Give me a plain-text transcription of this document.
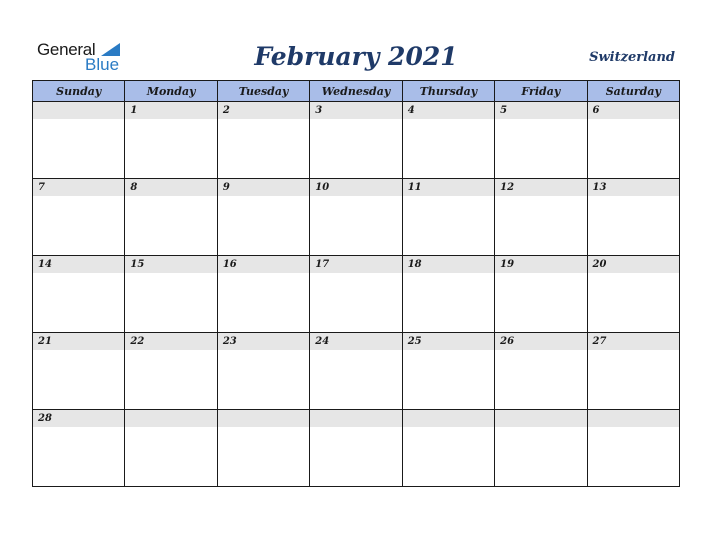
General
Blue	February 2021	Switzerland
Sunday	Monday	Tuesday	Wednesday	Thursday	Friday	Saturday

	1	2	3	4	5	6

7	8	9	10	11	12	13

14	15	16	17	18	19	20

21	22	23	24	25	26	27

28						
